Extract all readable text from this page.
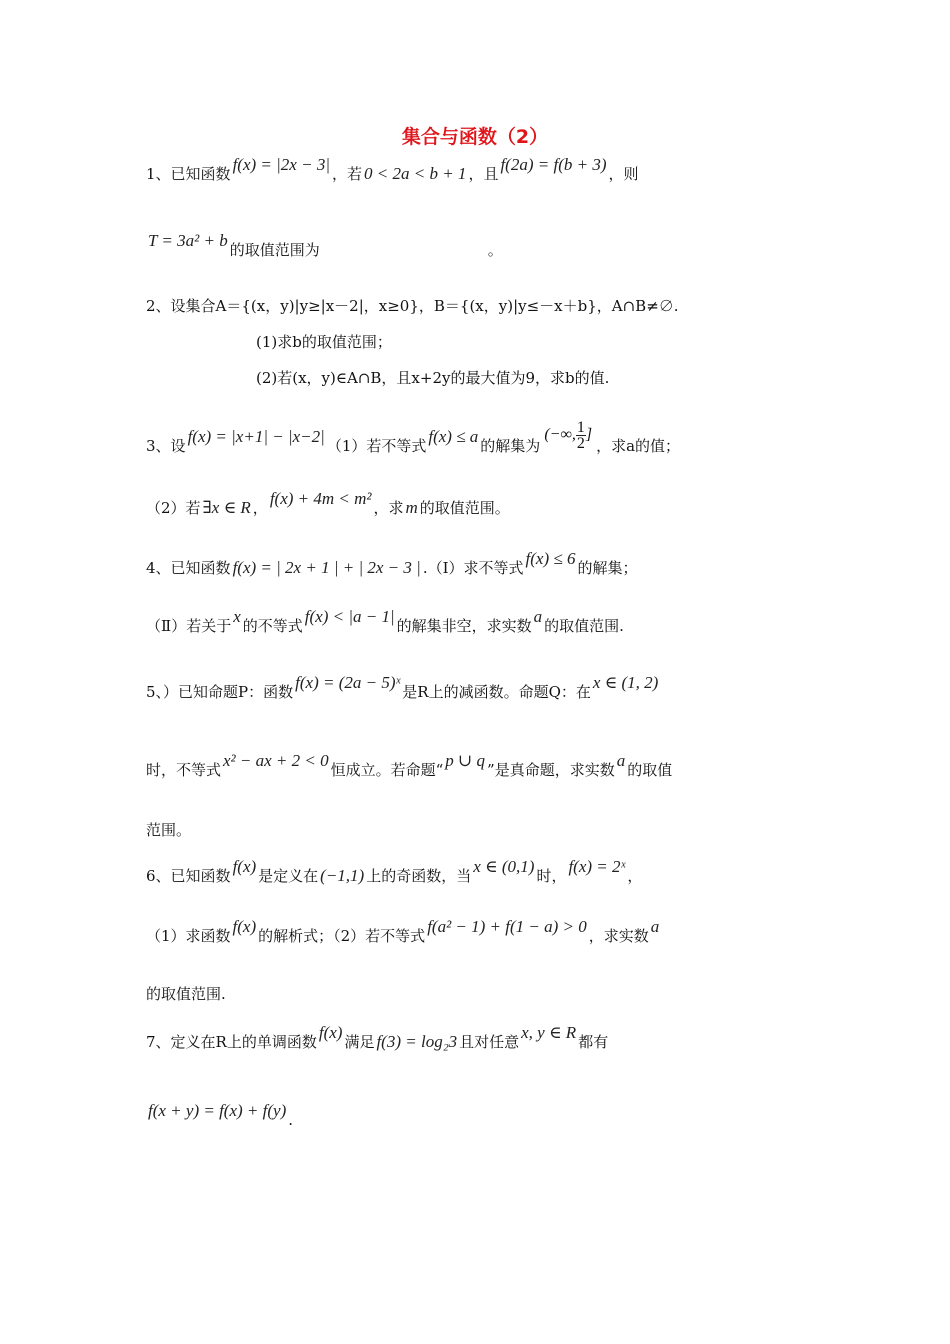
集合与函数（2）
1、已知函数 f(x) = |2x − 3| ，若 0 < 2a < b + 1 ，且 f(2a) = f(b + 3) ，则
T = 3a² + b 的取值范围为	。
2、设集合A＝{(x，y)|y≥|x－2|，x≥0}，B＝{(x，y)|y≤－x＋b}，A∩B≠∅.
(1)求b的取值范围；
(2)若(x，y)∈A∩B，且x+2y的最大值为9，求b的值.
3、设 f(x) = |x+1| − |x−2| （1）若不等式 f(x) ≤ a 的解集为(−∞, $\frac{1}{2}$ ]，求a的值；
（2）若 ∃x ∈ R ， f(x) + 4m < m² ，求 m 的取值范围。
4、已知函数 f(x) = | 2x + 1 | + | 2x − 3 | .（Ⅰ）求不等式 f(x) ≤ 6 的解集；
（Ⅱ）若关于 x 的不等式 f(x) < |a − 1| 的解集非空，求实数 a 的取值范围.
5、）已知命题P：函数 f(x) = (2a − 5)ˣ 是R上的减函数。命题Q：在 x ∈ (1, 2)
时，不等式 x² − ax + 2 < 0 恒成立。若命题“ p ∪ q ”是真命题，求实数 a 的取值
范围。
6、已知函数 f(x) 是定义在 (−1,1) 上的奇函数，当 x ∈ (0,1) 时， f(x) = 2ˣ ，
（1）求函数 f(x) 的解析式；（2）若不等式 f(a² − 1) + f(1 − a) > 0 ，求实数 a
的取值范围.
7、定义在R上的单调函数 f(x) 满足 f(3) = log₂3 且对任意 x, y ∈ R 都有
f(x + y) = f(x) + f(y) .
